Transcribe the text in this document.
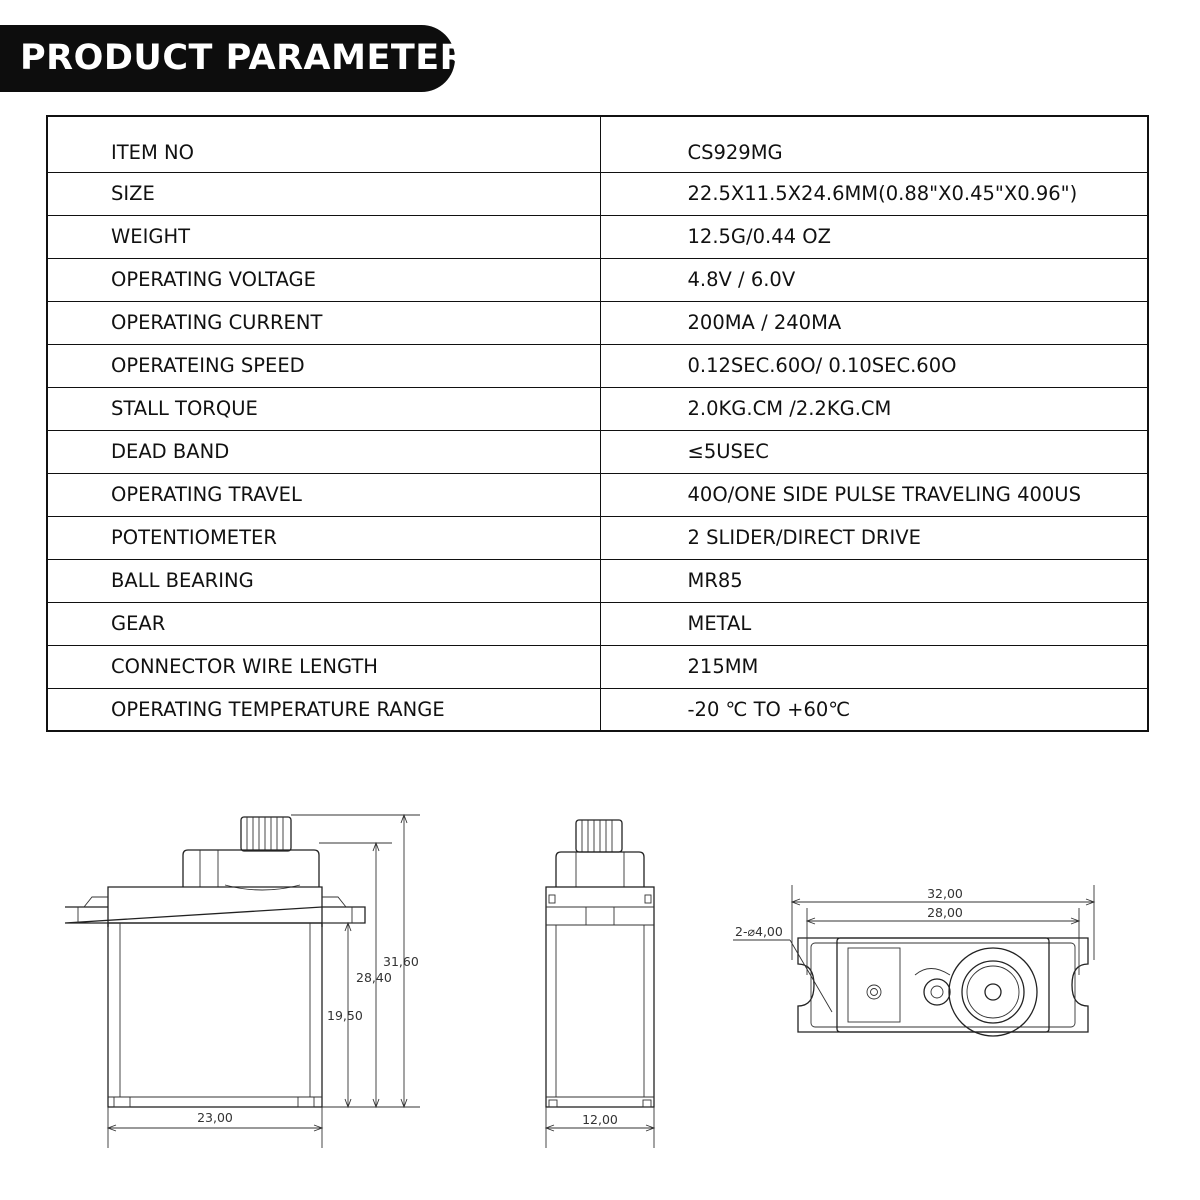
PRODUCT PARAMETERS
ITEM NO	CS929MG
SIZE	22.5X11.5X24.6MM(0.88"X0.45"X0.96")
WEIGHT	12.5G/0.44 OZ
OPERATING VOLTAGE	4.8V / 6.0V
OPERATING CURRENT	200MA / 240MA
OPERATEING SPEED	0.12SEC.60O/ 0.10SEC.60O
STALL TORQUE	2.0KG.CM /2.2KG.CM
DEAD BAND	≤5USEC
OPERATING TRAVEL	40O/ONE SIDE PULSE TRAVELING 400US
POTENTIOMETER	2 SLIDER/DIRECT DRIVE
BALL BEARING	MR85
GEAR	METAL
CONNECTOR WIRE LENGTH	215MM
OPERATING TEMPERATURE RANGE	-20 ℃ TO +60℃
31,60
28,40
19,50
23,00	12,00
32,00
28,00
2-⌀4,00
